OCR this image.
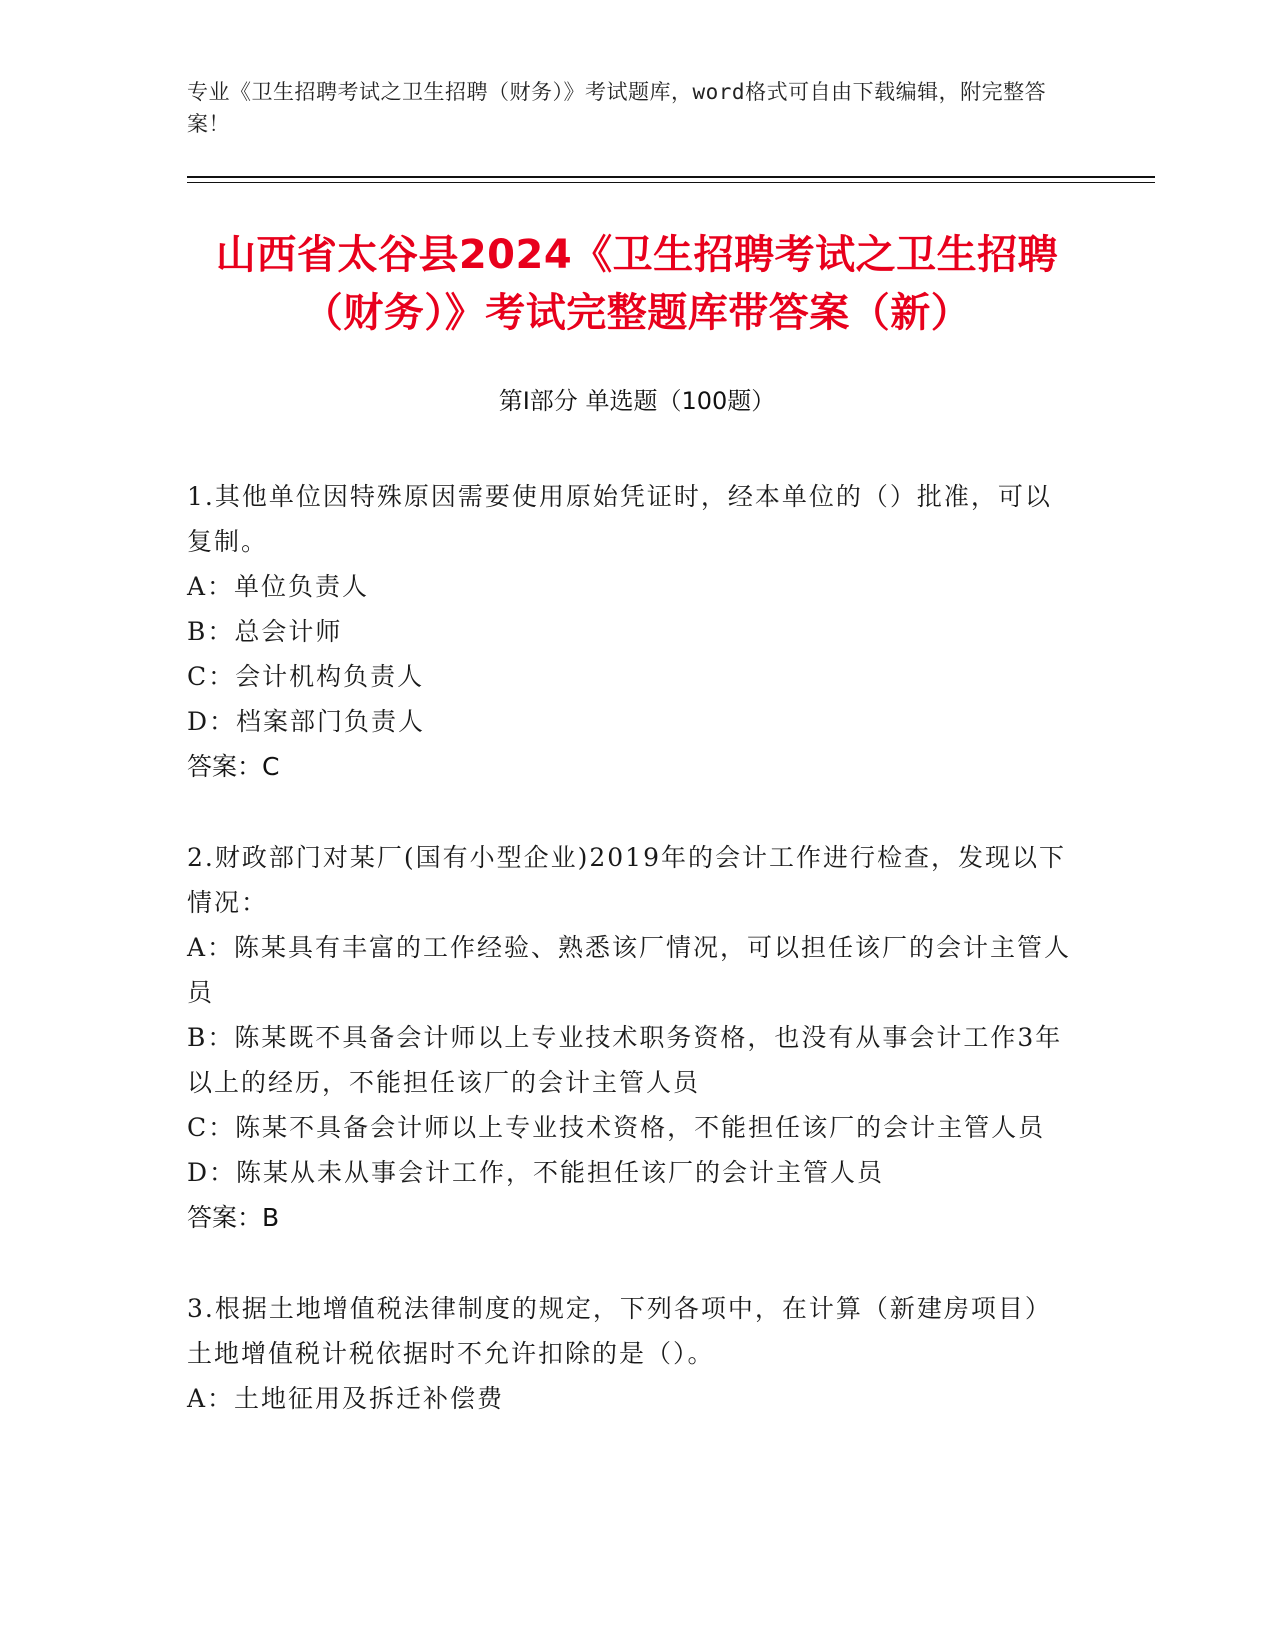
专业《卫生招聘考试之卫生招聘（财务）》考试题库，word格式可自由下载编辑，附完整答案！
山西省太谷县2024《卫生招聘考试之卫生招聘（财务）》考试完整题库带答案（新）
第Ⅰ部分 单选题（100题）

1.其他单位因特殊原因需要使用原始凭证时，经本单位的（）批准，可以复制。

A：单位负责人

B：总会计师

C：会计机构负责人

D：档案部门负责人

答案：C

2.财政部门对某厂(国有小型企业)2019年的会计工作进行检查，发现以下情况：

A：陈某具有丰富的工作经验、熟悉该厂情况，可以担任该厂的会计主管人员

B：陈某既不具备会计师以上专业技术职务资格，也没有从事会计工作3年以上的经历，不能担任该厂的会计主管人员

C：陈某不具备会计师以上专业技术资格，不能担任该厂的会计主管人员

D：陈某从未从事会计工作，不能担任该厂的会计主管人员

答案：B

3.根据土地增值税法律制度的规定，下列各项中，在计算（新建房项目）土地增值税计税依据时不允许扣除的是（）。

A：土地征用及拆迁补偿费
